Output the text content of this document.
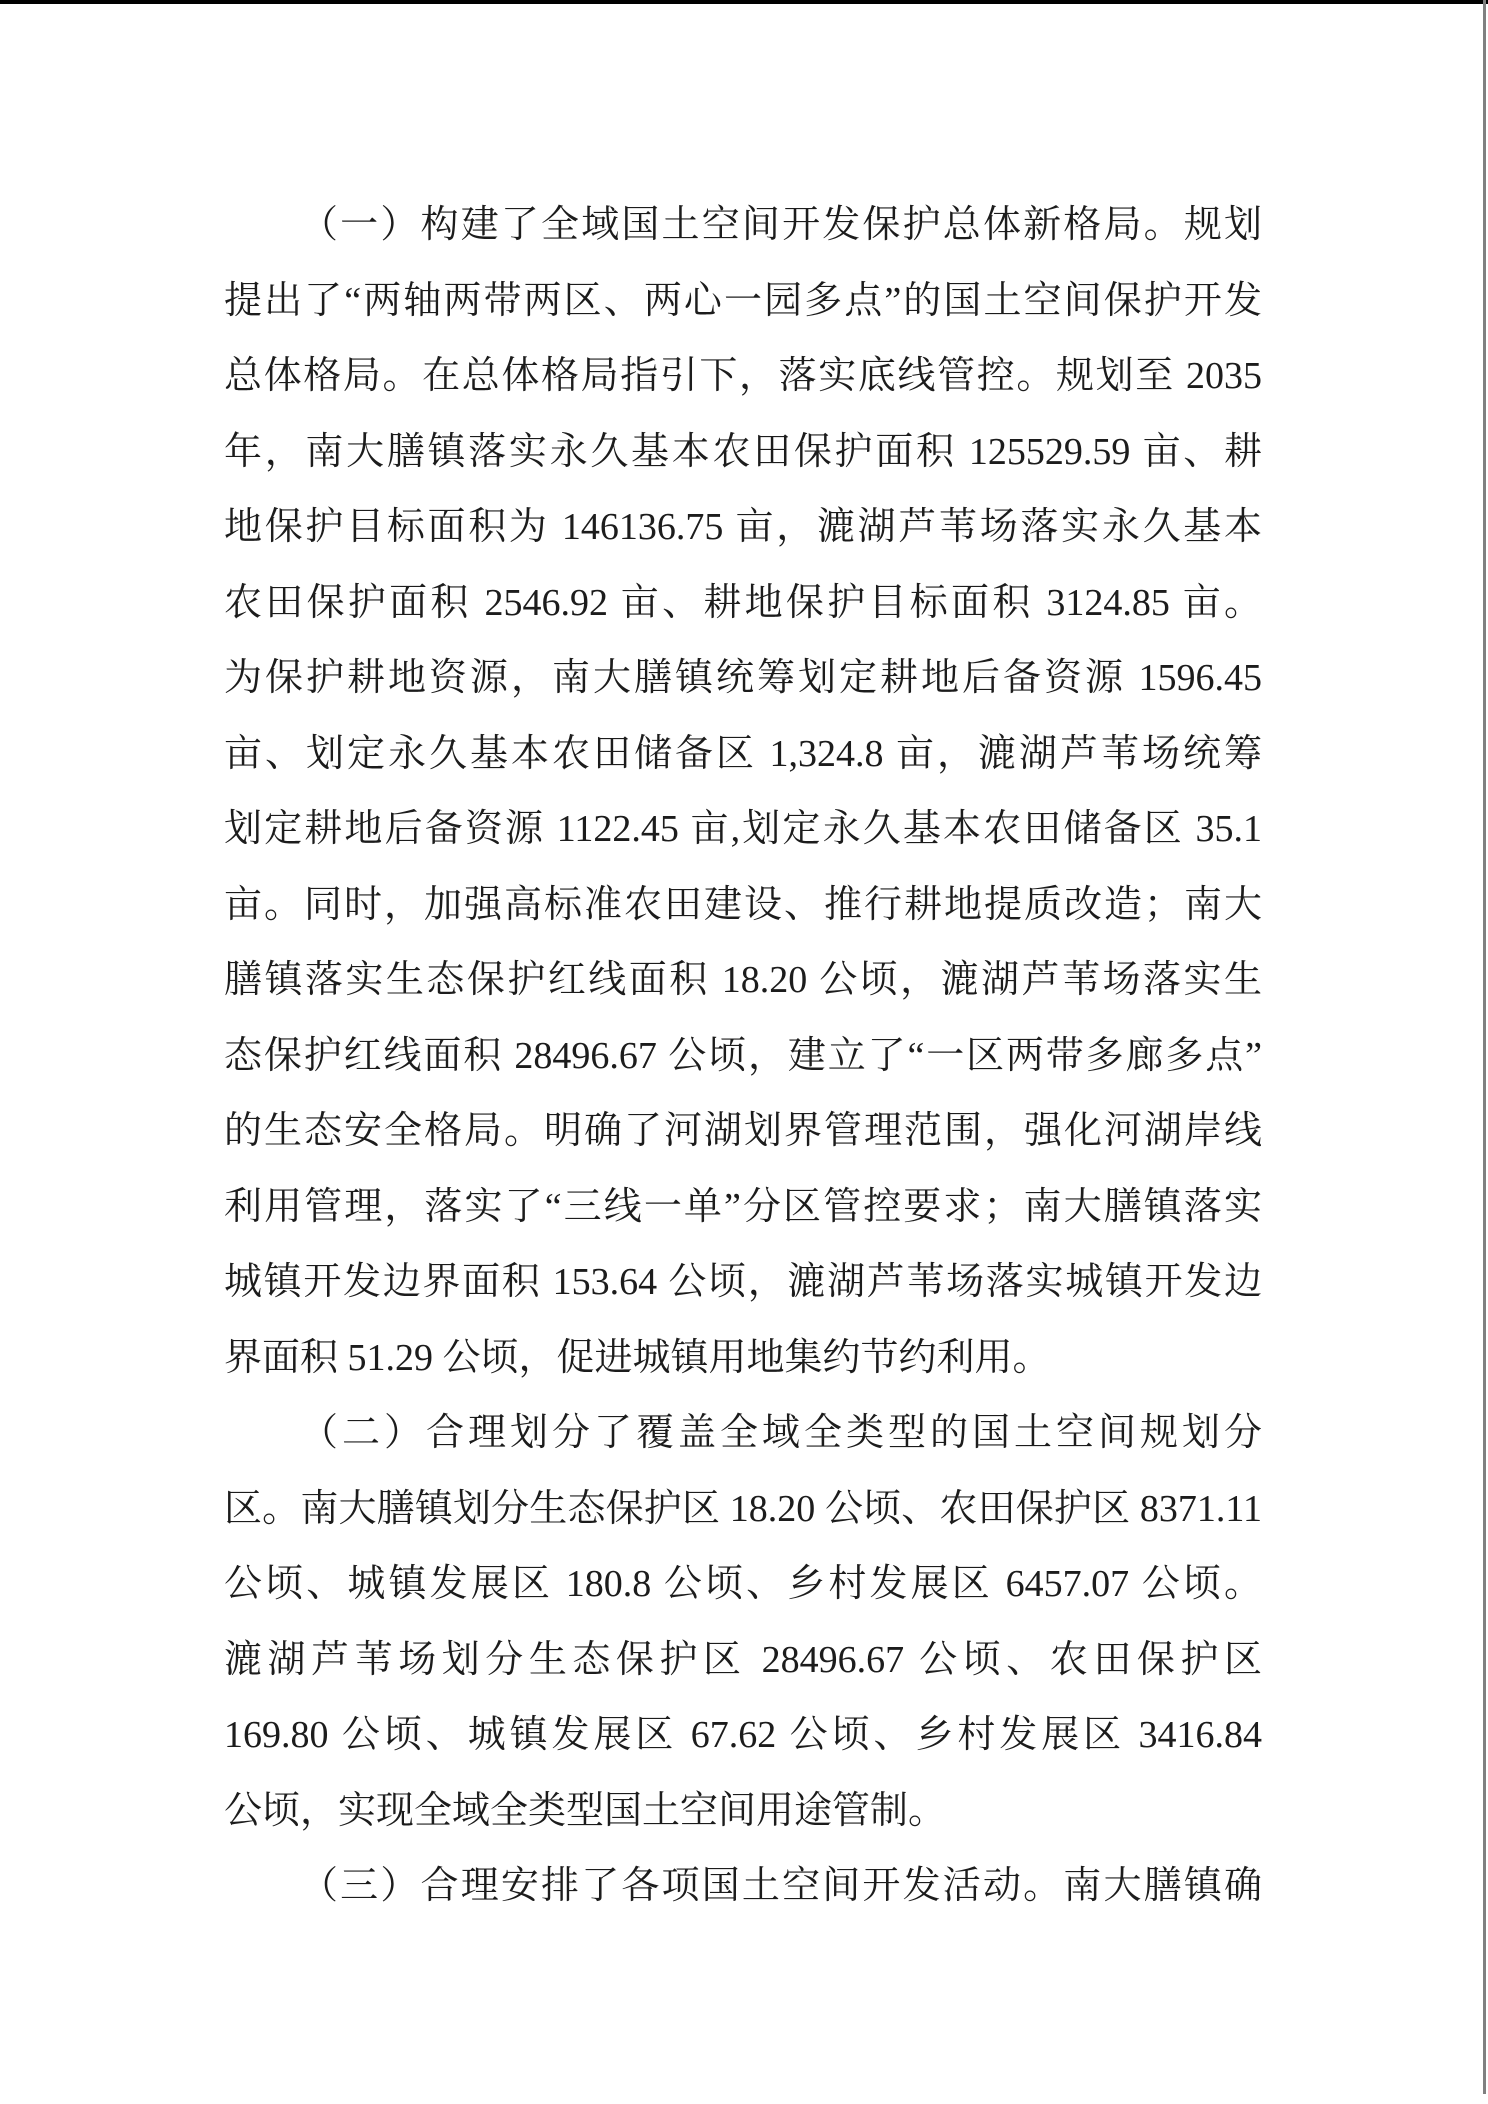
（一）构建了全域国土空间开发保护总体新格局。规划
提出了“两轴两带两区、两心一园多点”的国土空间保护开发
总体格局。在总体格局指引下，落实底线管控。规划至 2035
年，南大膳镇落实永久基本农田保护面积 125529.59 亩、耕
地保护目标面积为 146136.75 亩，漉湖芦苇场落实永久基本
农田保护面积 2546.92 亩、耕地保护目标面积 3124.85 亩。
为保护耕地资源，南大膳镇统筹划定耕地后备资源 1596.45
亩、划定永久基本农田储备区 1,324.8 亩，漉湖芦苇场统筹
划定耕地后备资源 1122.45 亩,划定永久基本农田储备区 35.1
亩。同时，加强高标准农田建设、推行耕地提质改造；南大
膳镇落实生态保护红线面积 18.20 公顷，漉湖芦苇场落实生
态保护红线面积 28496.67 公顷，建立了“一区两带多廊多点”
的生态安全格局。明确了河湖划界管理范围，强化河湖岸线
利用管理，落实了“三线一单”分区管控要求；南大膳镇落实
城镇开发边界面积 153.64 公顷，漉湖芦苇场落实城镇开发边
界面积 51.29 公顷，促进城镇用地集约节约利用。
（二）合理划分了覆盖全域全类型的国土空间规划分
区。南大膳镇划分生态保护区 18.20 公顷、农田保护区 8371.11
公顷、城镇发展区 180.8 公顷、乡村发展区 6457.07 公顷。
漉湖芦苇场划分生态保护区 28496.67 公顷、农田保护区
169.80 公顷、城镇发展区 67.62 公顷、乡村发展区 3416.84
公顷，实现全域全类型国土空间用途管制。
（三）合理安排了各项国土空间开发活动。南大膳镇确
